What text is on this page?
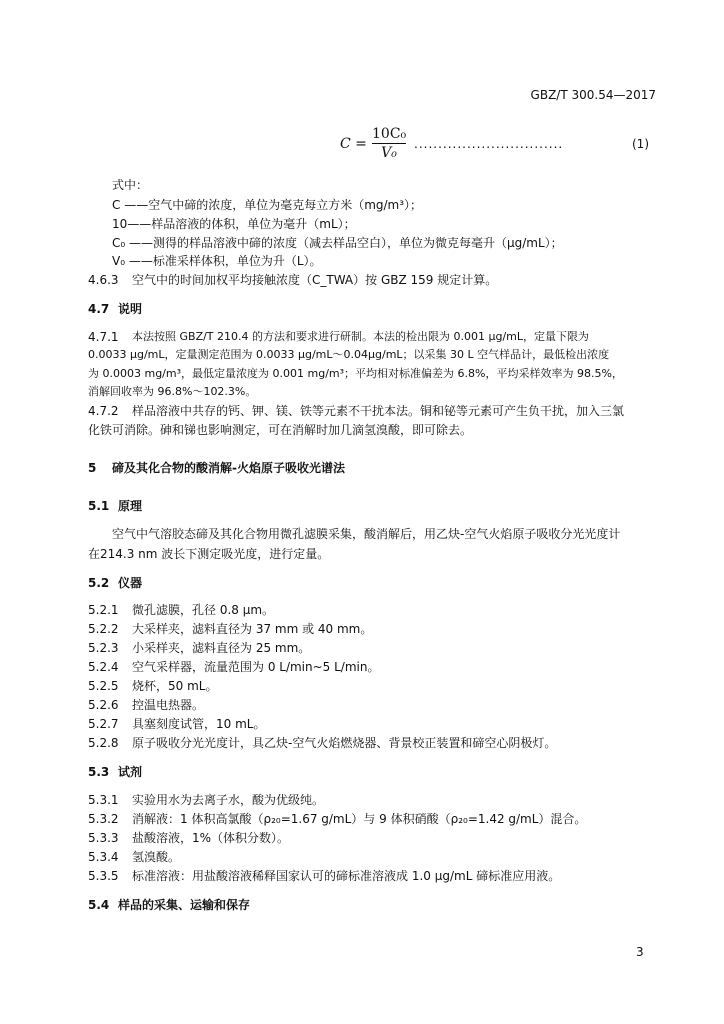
GBZ/T 300.54—2017
$C = \frac{\text{10C₀}}{\text{V₀}}$ ...............................	(1)
式中：
C ——空气中碲的浓度，单位为毫克每立方米（mg/m³）；
10——样品溶液的体积，单位为毫升（mL）；
C₀ ——测得的样品溶液中碲的浓度（减去样品空白），单位为微克每毫升（μg/mL）；
V₀ ——标准采样体积，单位为升（L）。
4.6.3 空气中的时间加权平均接触浓度（C_TWA）按 GBZ 159 规定计算。
4.7 说明
4.7.1 本法按照 GBZ/T 210.4 的方法和要求进行研制。本法的检出限为 0.001 μg/mL，定量下限为
0.0033 μg/mL，定量测定范围为 0.0033 μg/mL～0.04μg/mL；以采集 30 L 空气样品计，最低检出浓度
为 0.0003 mg/m³，最低定量浓度为 0.001 mg/m³；平均相对标准偏差为 6.8%，平均采样效率为 98.5%，
消解回收率为 96.8%～102.3%。
4.7.2 样品溶液中共存的钙、钾、镁、铁等元素不干扰本法。铜和铋等元素可产生负干扰，加入三氯
化铁可消除。砷和锑也影响测定，可在消解时加几滴氢溴酸，即可除去。
5 碲及其化合物的酸消解-火焰原子吸收光谱法
5.1 原理
空气中气溶胶态碲及其化合物用微孔滤膜采集，酸消解后，用乙炔-空气火焰原子吸收分光光度计
在214.3 nm 波长下测定吸光度，进行定量。
5.2 仪器
5.2.1 微孔滤膜，孔径 0.8 μm。
5.2.2 大采样夹，滤料直径为 37 mm 或 40 mm。
5.2.3 小采样夹，滤料直径为 25 mm。
5.2.4 空气采样器，流量范围为 0 L/min~5 L/min。
5.2.5 烧杯，50 mL。
5.2.6 控温电热器。
5.2.7 具塞刻度试管，10 mL。
5.2.8 原子吸收分光光度计，具乙炔-空气火焰燃烧器、背景校正装置和碲空心阴极灯。
5.3 试剂
5.3.1 实验用水为去离子水，酸为优级纯。
5.3.2 消解液：1 体积高氯酸（ρ₂₀=1.67 g/mL）与 9 体积硝酸（ρ₂₀=1.42 g/mL）混合。
5.3.3 盐酸溶液，1%（体积分数）。
5.3.4 氢溴酸。
5.3.5 标准溶液：用盐酸溶液稀释国家认可的碲标准溶液成 1.0 μg/mL 碲标准应用液。
5.4 样品的采集、运输和保存
3
